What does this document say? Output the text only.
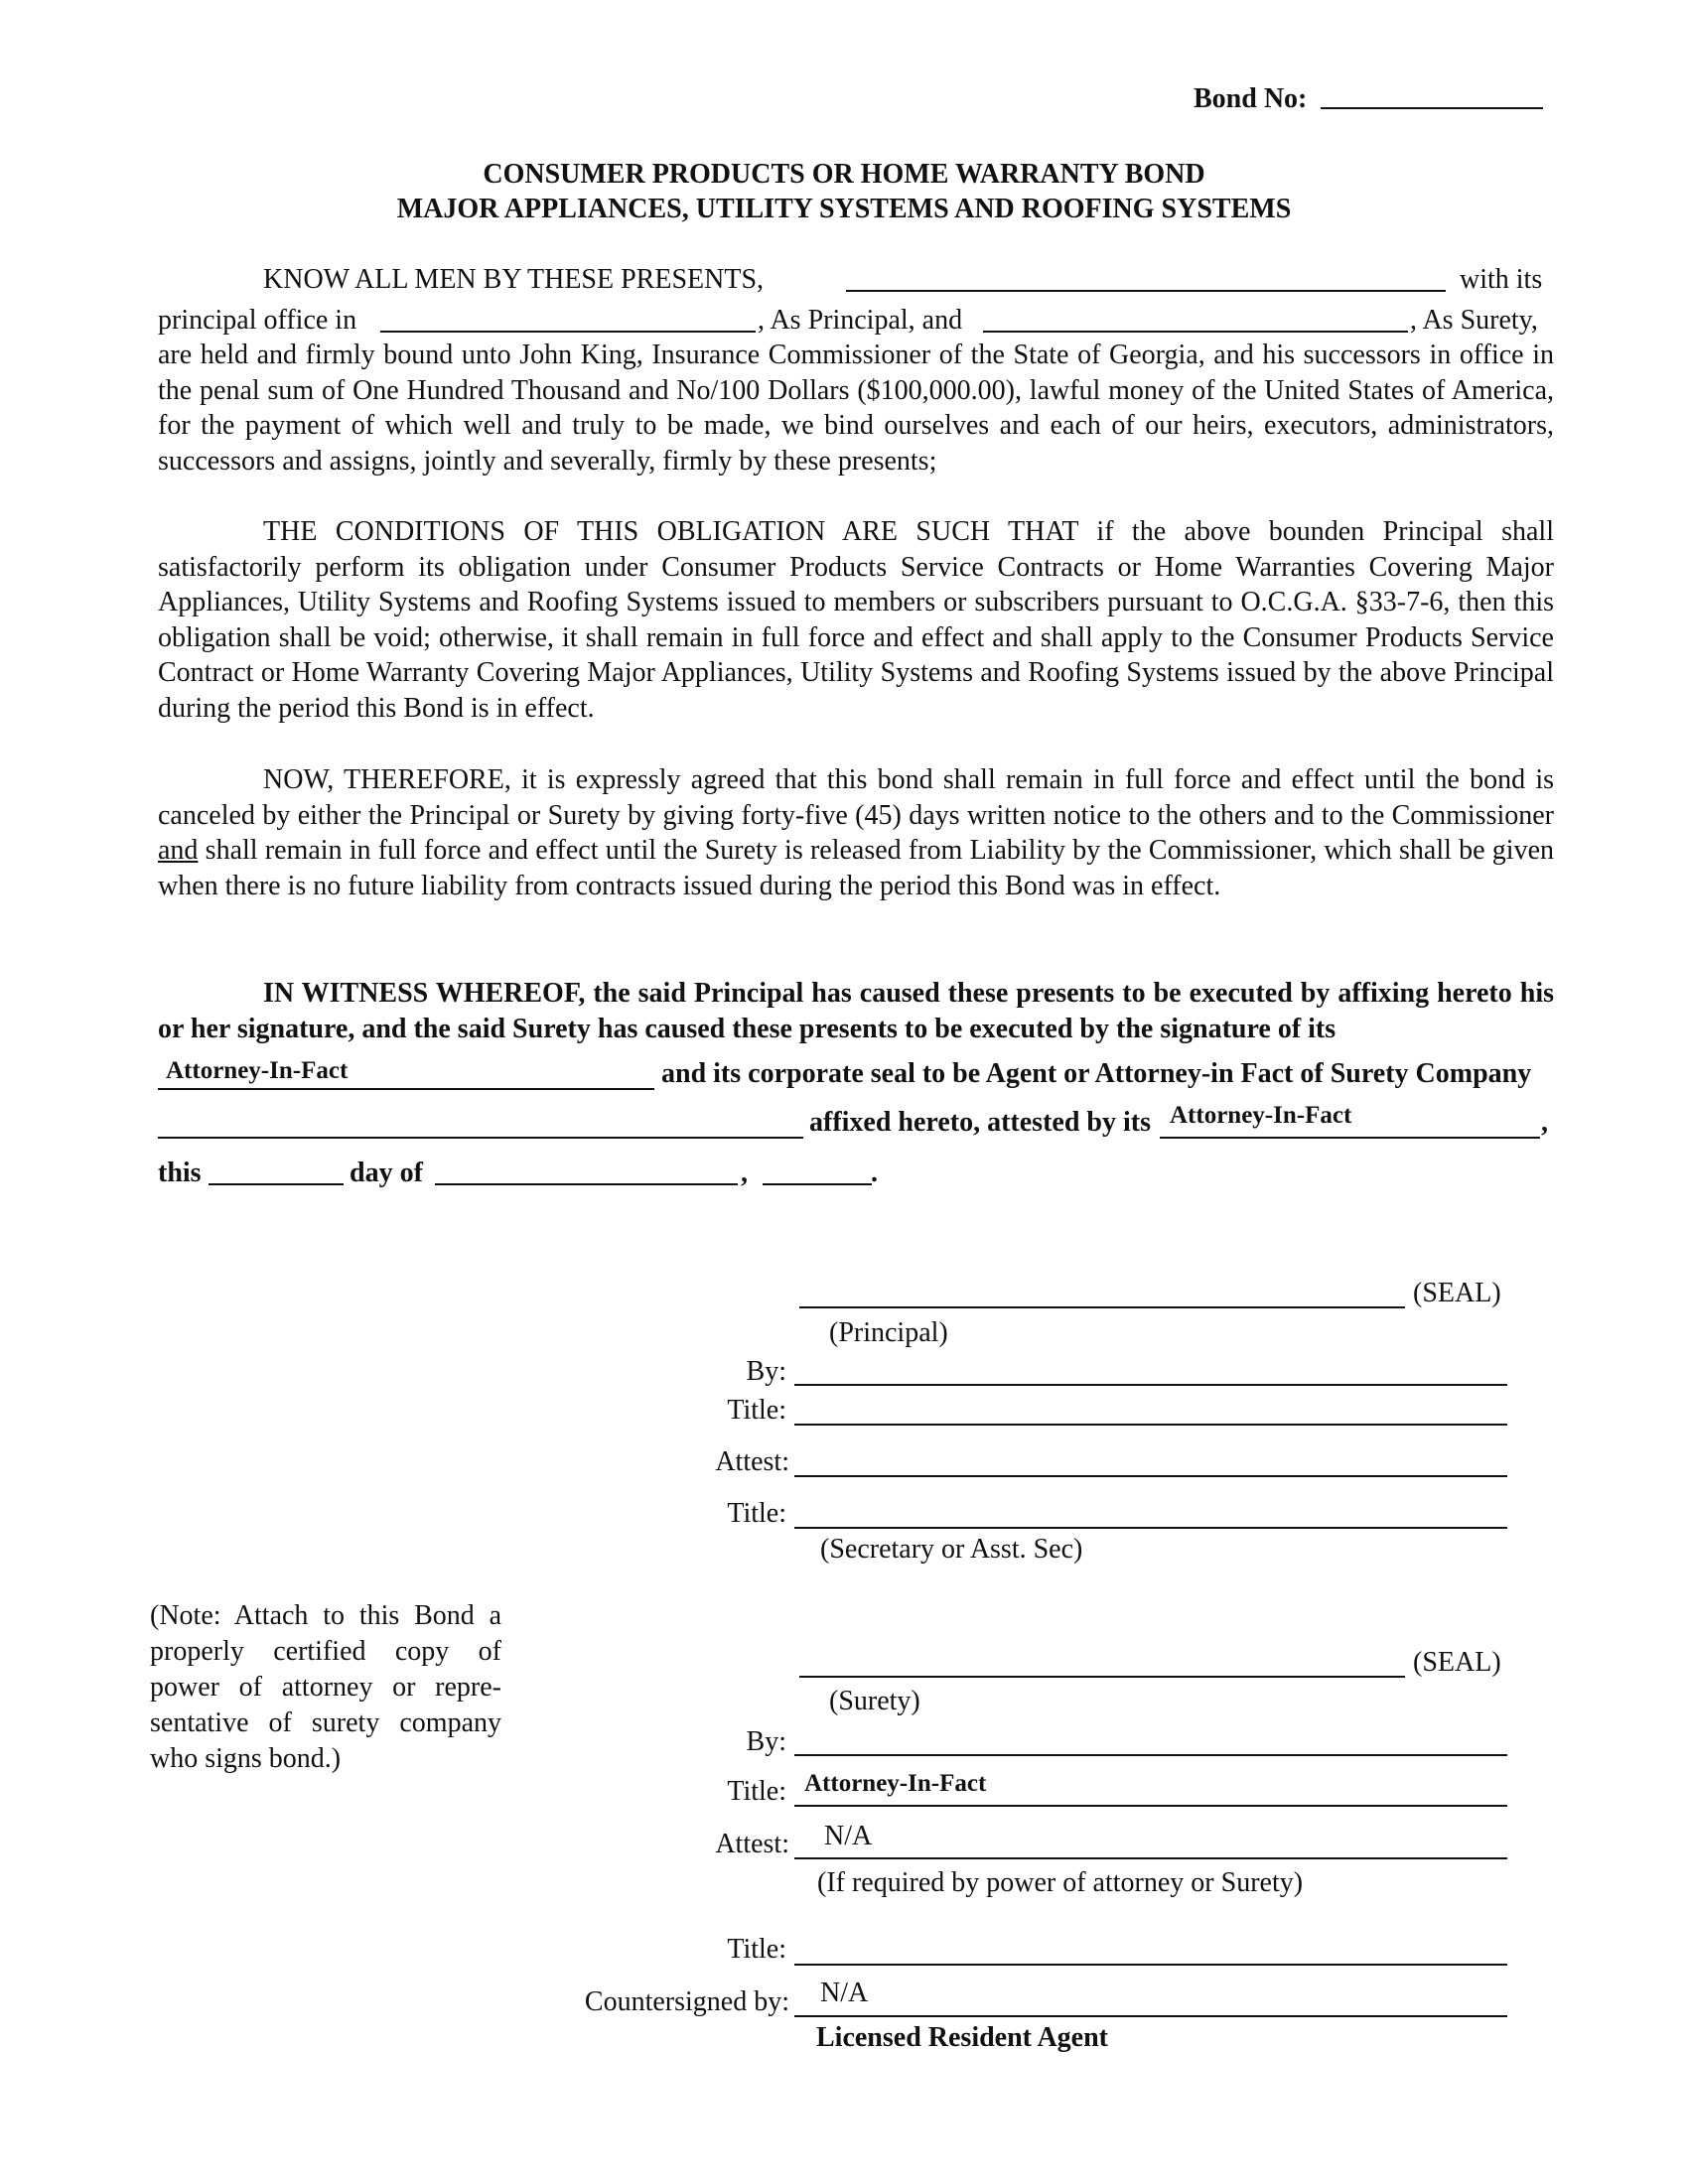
Bond No:
CONSUMER PRODUCTS OR HOME WARRANTY BOND
MAJOR APPLIANCES, UTILITY SYSTEMS AND ROOFING SYSTEMS
KNOW ALL MEN BY THESE PRESENTS,	with its
principal office in	, As Principal, and	, As Surety,
are held and firmly bound unto John King, Insurance Commissioner of the State of Georgia, and his successors in office in the penal sum of One Hundred Thousand and No/100 Dollars ($100,000.00), lawful money of the United States of America, for the payment of which well and truly to be made, we bind ourselves and each of our heirs, executors, administrators, successors and assigns, jointly and severally, firmly by these presents;
THE CONDITIONS OF THIS OBLIGATION ARE SUCH THAT if the above bounden Principal shall satisfactorily perform its obligation under Consumer Products Service Contracts or Home Warranties Covering Major Appliances, Utility Systems and Roofing Systems issued to members or subscribers pursuant to O.C.G.A. §33-7-6, then this obligation shall be void; otherwise, it shall remain in full force and effect and shall apply to the Consumer Products Service Contract or Home Warranty Covering Major Appliances, Utility Systems and Roofing Systems issued by the above Principal during the period this Bond is in effect.
NOW, THEREFORE, it is expressly agreed that this bond shall remain in full force and effect until the bond is canceled by either the Principal or Surety by giving forty-five (45) days written notice to the others and to the Commissioner and shall remain in full force and effect until the Surety is released from Liability by the Commissioner, which shall be given when there is no future liability from contracts issued during the period this Bond was in effect.
IN WITNESS WHEREOF, the said Principal has caused these presents to be executed by affixing hereto his or her signature, and the said Surety has caused these presents to be executed by the signature of its
Attorney-In-Fact	and its corporate seal to be Agent or Attorney-in Fact of Surety Company
affixed hereto, attested by its Attorney-In-Fact	,
this	day of	,	.
(SEAL)
(Principal)
By:
Title:
Attest:
Title:
(Secretary or Asst. Sec)
(Note: Attach to this Bond a properly certified copy of power of attorney or repre-sentative of surety company who signs bond.)
(SEAL)
(Surety)
By:
Title: Attorney-In-Fact
Attest: N/A
(If required by power of attorney or Surety)
Title:
Countersigned by: N/A
Licensed Resident Agent
